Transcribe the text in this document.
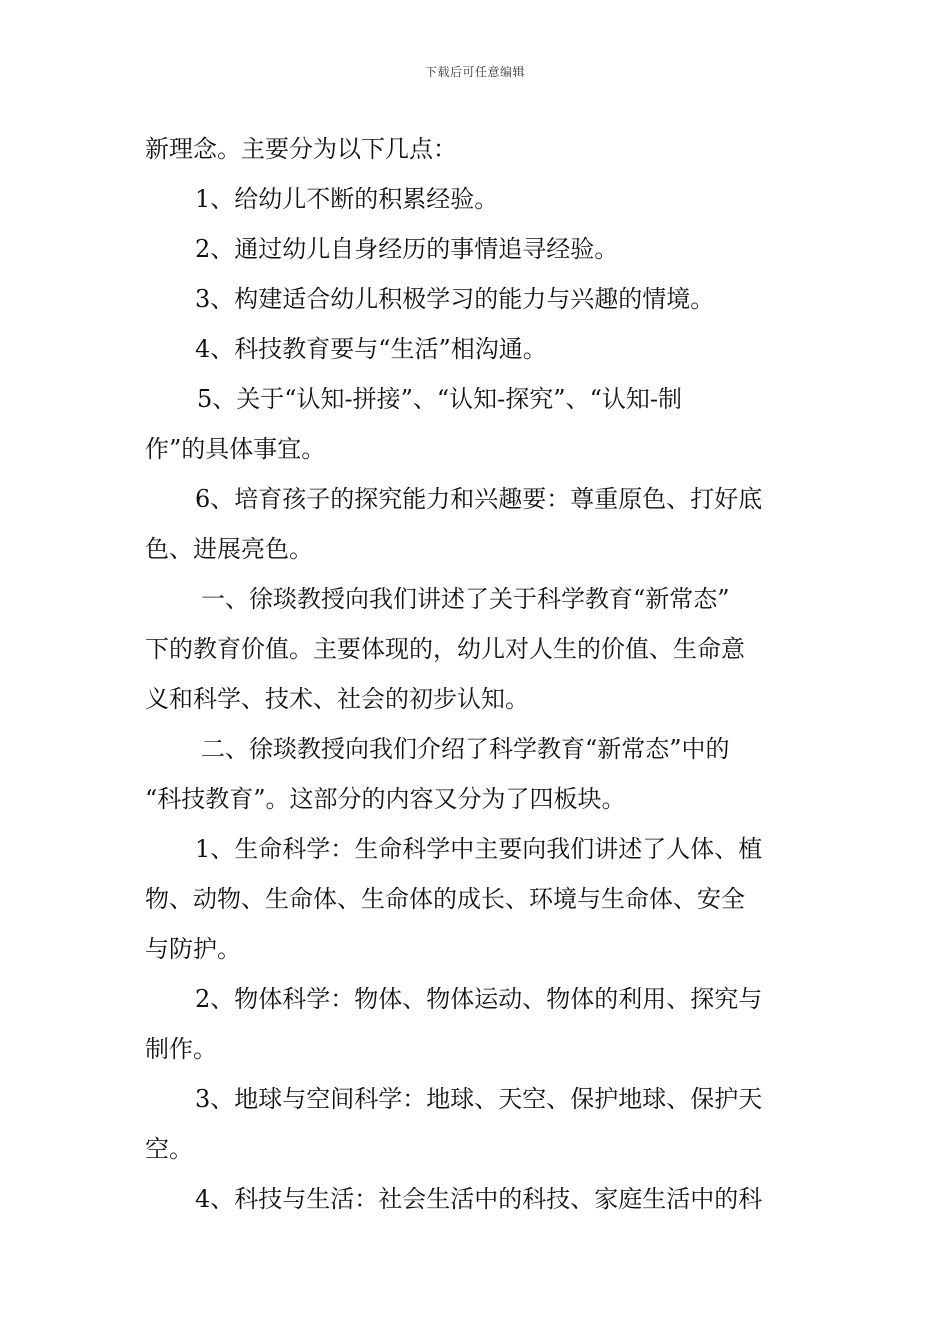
下载后可任意编辑
新理念。主要分为以下几点：
1、给幼儿不断的积累经验。
2、通过幼儿自身经历的事情追寻经验。
3、构建适合幼儿积极学习的能力与兴趣的情境。
4、科技教育要与“生活”相沟通。
5、关于“认知-拼接”、“认知-探究”、“认知-制
作”的具体事宜。
6、培育孩子的探究能力和兴趣要：尊重原色、打好底
色、进展亮色。
一、徐琰教授向我们讲述了关于科学教育“新常态”
下的教育价值。主要体现的，幼儿对人生的价值、生命意
义和科学、技术、社会的初步认知。
二、徐琰教授向我们介绍了科学教育“新常态”中的
“科技教育”。这部分的内容又分为了四板块。
1、生命科学：生命科学中主要向我们讲述了人体、植
物、动物、生命体、生命体的成长、环境与生命体、安全
与防护。
2、物体科学：物体、物体运动、物体的利用、探究与
制作。
3、地球与空间科学：地球、天空、保护地球、保护天
空。
4、科技与生活：社会生活中的科技、家庭生活中的科
